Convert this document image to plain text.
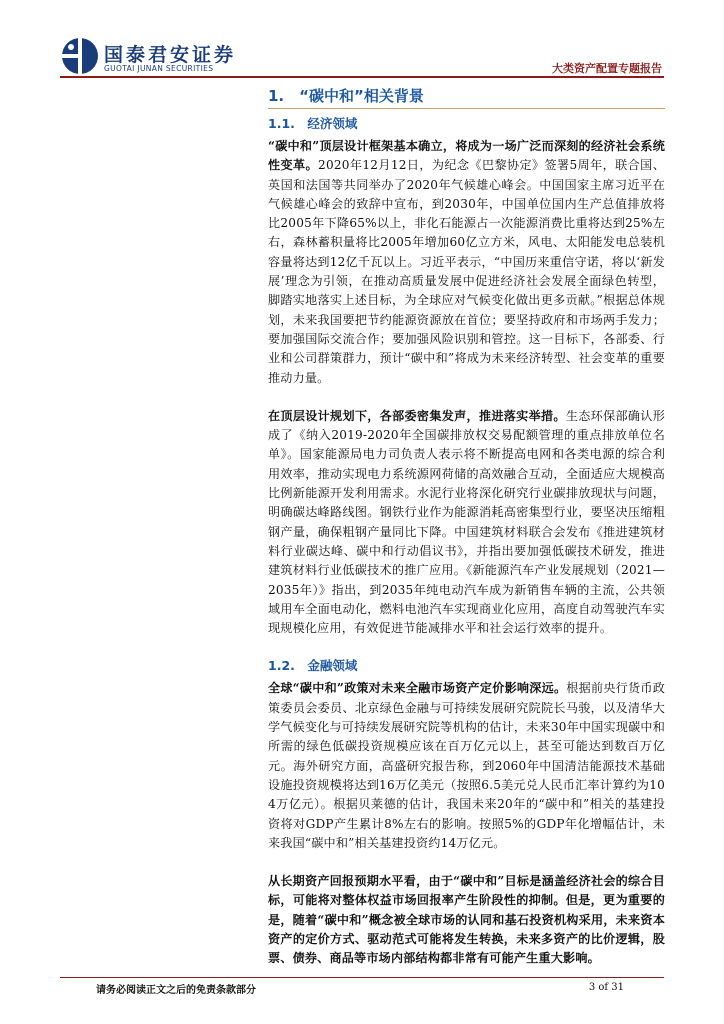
国泰君安证券
GUOTAI JUNAN SECURITIES	大类资产配置专题报告
1.　“碳中和”相关背景
1.1.　经济领域

“碳中和”顶层设计框架基本确立，将成为一场广泛而深刻的经济社会系统性变革。2020年12月12日，为纪念《巴黎协定》签署5周年，联合国、英国和法国等共同举办了2020年气候雄心峰会。中国国家主席习近平在气候雄心峰会的致辞中宣布，到2030年，中国单位国内生产总值排放将比2005年下降65%以上，非化石能源占一次能源消费比重将达到25%左右，森林蓄积量将比2005年增加60亿立方米，风电、太阳能发电总装机容量将达到12亿千瓦以上。习近平表示，“中国历来重信守诺，将以‘新发展’理念为引领，在推动高质量发展中促进经济社会发展全面绿色转型，脚踏实地落实上述目标，为全球应对气候变化做出更多贡献。”根据总体规划，未来我国要把节约能源资源放在首位；要坚持政府和市场两手发力；要加强国际交流合作；要加强风险识别和管控。这一目标下，各部委、行业和公司群策群力，预计“碳中和”将成为未来经济转型、社会变革的重要推动力量。

在顶层设计规划下，各部委密集发声，推进落实举措。生态环保部确认形成了《纳入2019-2020年全国碳排放权交易配额管理的重点排放单位名单》。国家能源局电力司负责人表示将不断提高电网和各类电源的综合利用效率，推动实现电力系统源网荷储的高效融合互动，全面适应大规模高比例新能源开发利用需求。水泥行业将深化研究行业碳排放现状与问题，明确碳达峰路线图。钢铁行业作为能源消耗高密集型行业，要坚决压缩粗钢产量，确保粗钢产量同比下降。中国建筑材料联合会发布《推进建筑材料行业碳达峰、碳中和行动倡议书》，并指出要加强低碳技术研发，推进建筑材料行业低碳技术的推广应用。《新能源汽车产业发展规划（2021—2035年）》指出，到2035年纯电动汽车成为新销售车辆的主流，公共领域用车全面电动化，燃料电池汽车实现商业化应用，高度自动驾驶汽车实现规模化应用，有效促进节能减排水平和社会运行效率的提升。

1.2.　金融领域

全球“碳中和”政策对未来全融市场资产定价影响深远。根据前央行货币政策委员会委员、北京绿色金融与可持续发展研究院院长马骏，以及清华大学气候变化与可持续发展研究院等机构的估计，未来30年中国实现碳中和所需的绿色低碳投资规模应该在百万亿元以上，甚至可能达到数百万亿元。海外研究方面，高盛研究报告称，到2060年中国清洁能源技术基础设施投资规模将达到16万亿美元（按照6.5美元兑人民币汇率计算约为104万亿元）。根据贝莱德的估计，我国未来20年的“碳中和”相关的基建投资将对GDP产生累计8%左右的影响。按照5%的GDP年化增幅估计，未来我国“碳中和”相关基建投资约14万亿元。

从长期资产回报预期水平看，由于“碳中和”目标是涵盖经济社会的综合目标，可能将对整体权益市场回报率产生阶段性的抑制。但是，更为重要的是，随着“碳中和”概念被全球市场的认同和基石投资机构采用，未来资本资产的定价方式、驱动范式可能将发生转换，未来多资产的比价逻辑，股票、债券、商品等市场内部结构都非常有可能产生重大影响。

请务必阅读正文之后的免责条款部分	3 of 31
